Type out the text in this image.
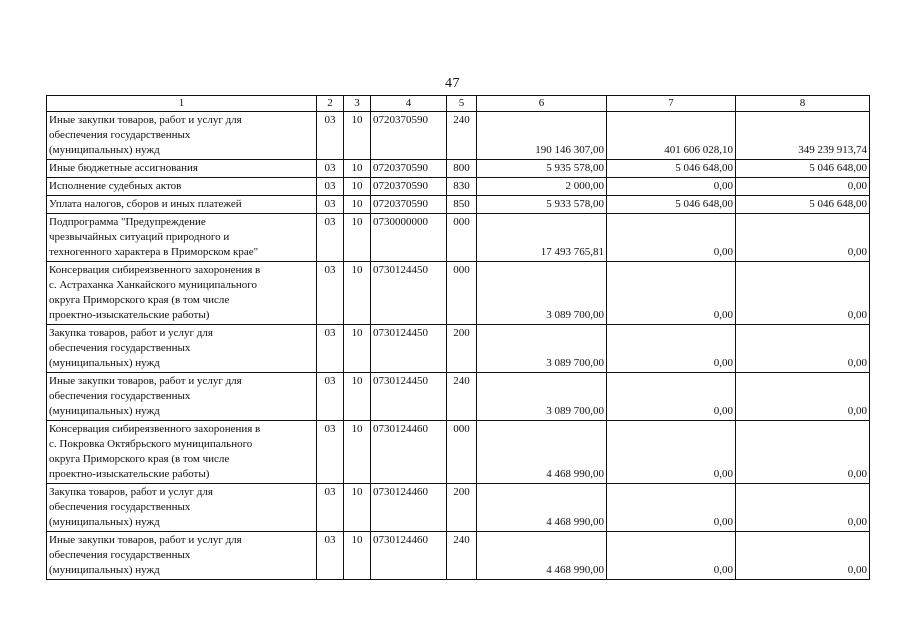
47
1	2	3	4	5	6	7	8

Иные закупки товаров, работ и услуг для
обеспечения государственных
(муниципальных) нужд	03	10	0720370590	240	190 146 307,00	401 606 028,10	349 239 913,74

Иные бюджетные ассигнования	03	10	0720370590	800	5 935 578,00	5 046 648,00	5 046 648,00

Исполнение судебных актов	03	10	0720370590	830	2 000,00	0,00	0,00

Уплата налогов, сборов и иных платежей	03	10	0720370590	850	5 933 578,00	5 046 648,00	5 046 648,00

Подпрограмма "Предупреждение
чрезвычайных ситуаций природного и
техногенного характера в Приморском крае"	03	10	0730000000	000	17 493 765,81	0,00	0,00

Консервация сибиреязвенного захоронения в
с. Астраханка Ханкайского муниципального
округа Приморского края (в том числе
проектно-изыскательские работы)	03	10	0730124450	000	3 089 700,00	0,00	0,00

Закупка товаров, работ и услуг для
обеспечения государственных
(муниципальных) нужд	03	10	0730124450	200	3 089 700,00	0,00	0,00

Иные закупки товаров, работ и услуг для
обеспечения государственных
(муниципальных) нужд	03	10	0730124450	240	3 089 700,00	0,00	0,00

Консервация сибиреязвенного захоронения в
с. Покровка Октябрьского муниципального
округа Приморского края (в том числе
проектно-изыскательские работы)	03	10	0730124460	000	4 468 990,00	0,00	0,00

Закупка товаров, работ и услуг для
обеспечения государственных
(муниципальных) нужд	03	10	0730124460	200	4 468 990,00	0,00	0,00

Иные закупки товаров, работ и услуг для
обеспечения государственных
(муниципальных) нужд	03	10	0730124460	240	4 468 990,00	0,00	0,00
